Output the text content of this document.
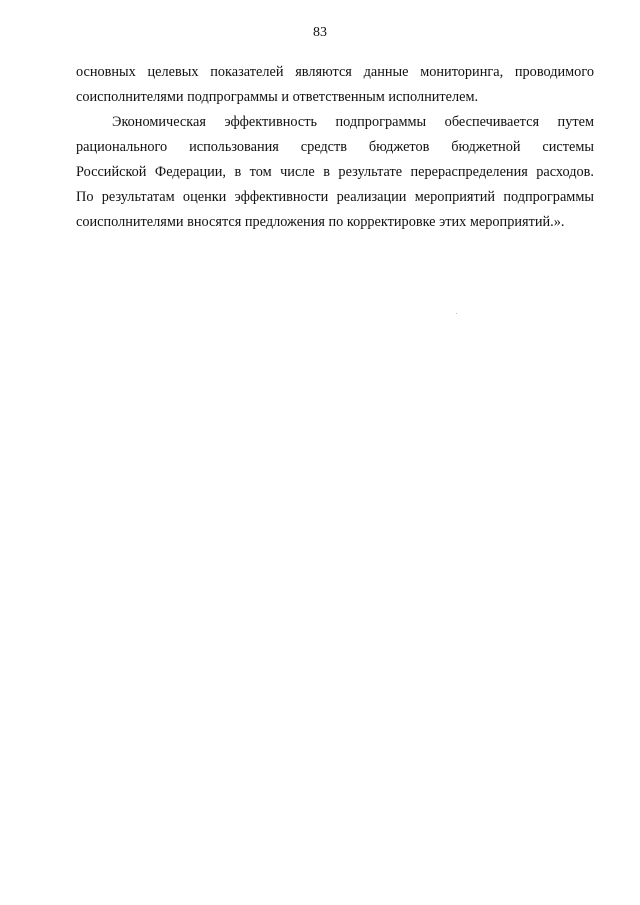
83

основных целевых показателей являются данные мониторинга, проводимого
соисполнителями подпрограммы и ответственным исполнителем.

Экономическая эффективность подпрограммы обеспечивается путем
рационального использования средств бюджетов бюджетной системы
Российской Федерации, в том числе в результате перераспределения расходов.
По результатам оценки эффективности реализации мероприятий подпрограммы
соисполнителями вносятся предложения по корректировке этих мероприятий.».
